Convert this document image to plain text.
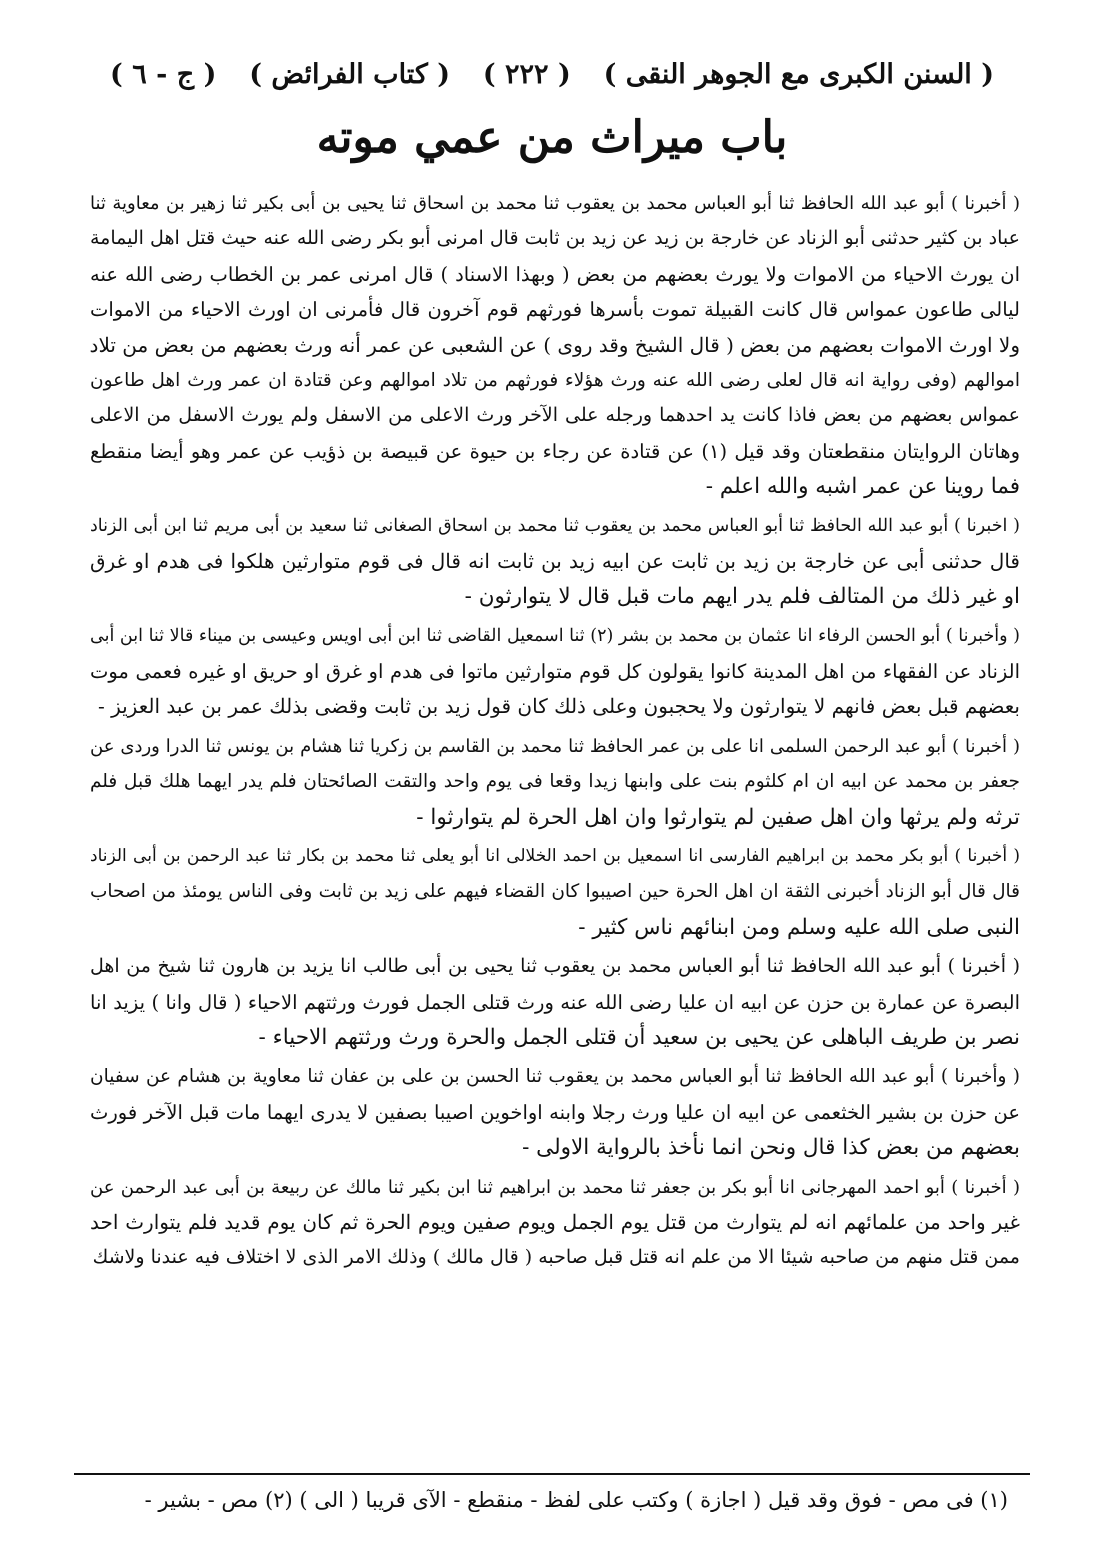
( السنن الكبرى مع الجوهر النقى )
( ٢٢٢ )
( كتاب الفرائض )
( ج - ٦ )
باب ميراث من عمي موته
( أخبرنا ) أبو عبد الله الحافظ ثنا أبو العباس محمد بن يعقوب ثنا محمد بن اسحاق ثنا يحيى بن أبى بكير ثنا زهير بن معاوية ثنا
عباد بن كثير حدثنى أبو الزناد عن خارجة بن زيد عن زيد بن ثابت قال امرنى أبو بكر رضى الله عنه حيث قتل اهل اليمامة
ان يورث الاحياء من الاموات ولا يورث بعضهم من بعض ( وبهذا الاسناد ) قال امرنى عمر بن الخطاب رضى الله عنه
ليالى طاعون عمواس قال كانت القبيلة تموت بأسرها فورثهم قوم آخرون قال فأمرنى ان اورث الاحياء من الاموات
ولا اورث الاموات بعضهم من بعض ( قال الشيخ وقد روى ) عن الشعبى عن عمر أنه ورث بعضهم من بعض من تلاد
اموالهم (وفى رواية انه قال لعلى رضى الله عنه ورث هؤلاء فورثهم من تلاد اموالهم وعن قتادة ان عمر ورث اهل طاعون
عمواس بعضهم من بعض فاذا كانت يد احدهما ورجله على الآخر ورث الاعلى من الاسفل ولم يورث الاسفل من الاعلى
وهاتان الروايتان منقطعتان وقد قيل (١) عن قتادة عن رجاء بن حيوة عن قبيصة بن ذؤيب عن عمر وهو أيضا منقطع
فما روينا عن عمر اشبه والله اعلم -
( اخبرنا ) أبو عبد الله الحافظ ثنا أبو العباس محمد بن يعقوب ثنا محمد بن اسحاق الصغانى ثنا سعيد بن أبى مريم ثنا ابن أبى الزناد
قال حدثنى أبى عن خارجة بن زيد بن ثابت عن ابيه زيد بن ثابت انه قال فى قوم متوارثين هلكوا فى هدم او غرق
او غير ذلك من المتالف فلم يدر ايهم مات قبل قال لا يتوارثون -
( وأخبرنا ) أبو الحسن الرفاء انا عثمان بن محمد بن بشر (٢) ثنا اسمعيل القاضى ثنا ابن أبى اويس وعيسى بن ميناء قالا ثنا ابن أبى
الزناد عن الفقهاء من اهل المدينة كانوا يقولون كل قوم متوارثين ماتوا فى هدم او غرق او حريق او غيره فعمى موت
بعضهم قبل بعض فانهم لا يتوارثون ولا يحجبون وعلى ذلك كان قول زيد بن ثابت وقضى بذلك عمر بن عبد العزيز -
( أخبرنا ) أبو عبد الرحمن السلمى انا على بن عمر الحافظ ثنا محمد بن القاسم بن زكريا ثنا هشام بن يونس ثنا الدرا وردى عن
جعفر بن محمد عن ابيه ان ام كلثوم بنت على وابنها زيدا وقعا فى يوم واحد والتقت الصائحتان فلم يدر ايهما هلك قبل فلم
ترثه ولم يرثها وان اهل صفين لم يتوارثوا وان اهل الحرة لم يتوارثوا -
( أخبرنا ) أبو بكر محمد بن ابراهيم الفارسى انا اسمعيل بن احمد الخلالى انا أبو يعلى ثنا محمد بن بكار ثنا عبد الرحمن بن أبى الزناد
قال قال أبو الزناد أخبرنى الثقة ان اهل الحرة حين اصيبوا كان القضاء فيهم على زيد بن ثابت وفى الناس يومئذ من اصحاب
النبى صلى الله عليه وسلم ومن ابنائهم ناس كثير -
( أخبرنا ) أبو عبد الله الحافظ ثنا أبو العباس محمد بن يعقوب ثنا يحيى بن أبى طالب انا يزيد بن هارون ثنا شيخ من اهل
البصرة عن عمارة بن حزن عن ابيه ان عليا رضى الله عنه ورث قتلى الجمل فورث ورثتهم الاحياء ( قال وانا ) يزيد انا
نصر بن طريف الباهلى عن يحيى بن سعيد أن قتلى الجمل والحرة ورث ورثتهم الاحياء -
( وأخبرنا ) أبو عبد الله الحافظ ثنا أبو العباس محمد بن يعقوب ثنا الحسن بن على بن عفان ثنا معاوية بن هشام عن سفيان
عن حزن بن بشير الخثعمى عن ابيه ان عليا ورث رجلا وابنه اواخوين اصيبا بصفين لا يدرى ايهما مات قبل الآخر فورث
بعضهم من بعض كذا قال ونحن انما نأخذ بالرواية الاولى -
( أخبرنا ) أبو احمد المهرجانى انا أبو بكر بن جعفر ثنا محمد بن ابراهيم ثنا ابن بكير ثنا مالك عن ربيعة بن أبى عبد الرحمن عن
غير واحد من علمائهم انه لم يتوارث من قتل يوم الجمل ويوم صفين ويوم الحرة ثم كان يوم قديد فلم يتوارث احد
ممن قتل منهم من صاحبه شيئا الا من علم انه قتل قبل صاحبه ( قال مالك ) وذلك الامر الذى لا اختلاف فيه عندنا ولاشك
(١) فى مص - فوق وقد قيل ( اجازة ) وكتب على لفظ - منقطع - الآى قريبا ( الى ) (٢) مص - بشير -
